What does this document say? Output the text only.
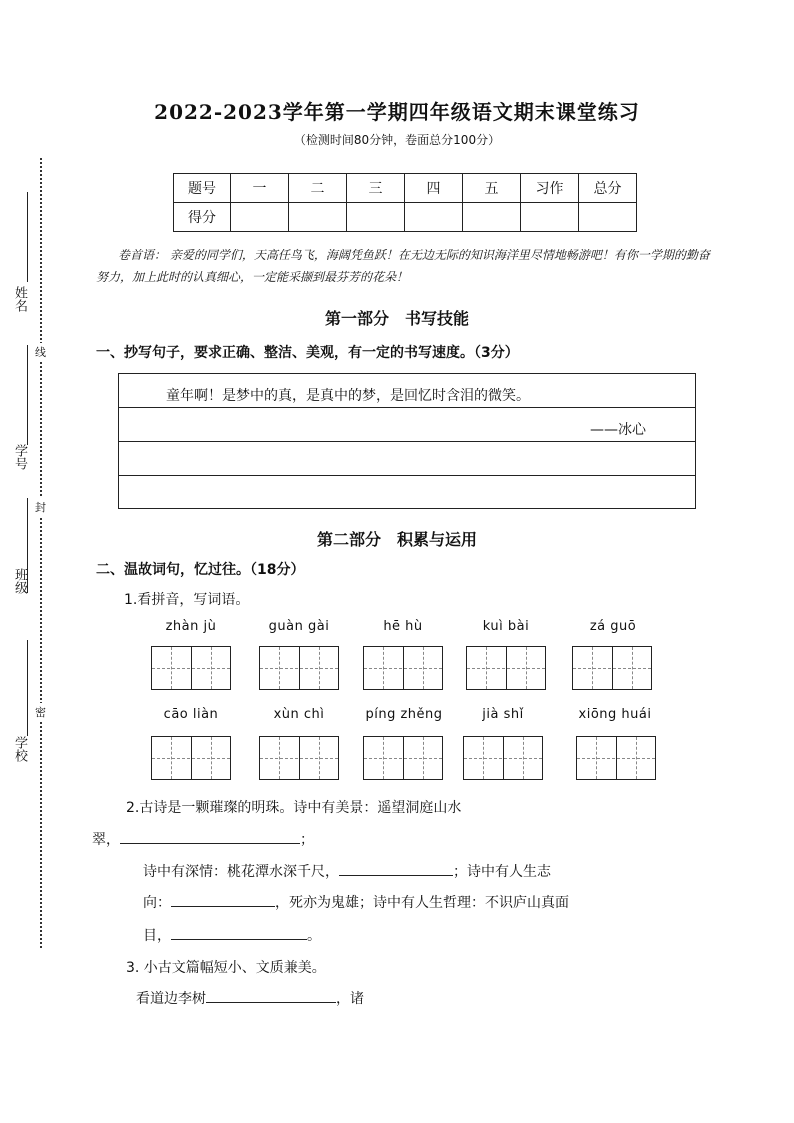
2022-2023学年第一学期四年级语文期末课堂练习
（检测时间80分钟，卷面总分100分）
题号	一	二	三	四	五	习作	总分
得分							
卷首语： 亲爱的同学们，天高任鸟飞，海阔凭鱼跃！在无边无际的知识海洋里尽情地畅游吧！有你一学期的勤奋努力，加上此时的认真细心，一定能采撷到最芬芳的花朵！
第一部分　书写技能
一、抄写句子，要求正确、整洁、美观，有一定的书写速度。（3分）
童年啊！是梦中的真，是真中的梦，是回忆时含泪的微笑。
——冰心
第二部分　积累与运用
二、温故词句，忆过往。（18分）
1.看拼音，写词语。
zhàn jù	guàn gài	hē hù	kuì bài	zá guō
cāo liàn	xùn chì	píng zhěng	jià shǐ	xiōng huái
2.古诗是一颗璀璨的明珠。诗中有美景：遥望洞庭山水
翠，	；
诗中有深情：桃花潭水深千尺，	；诗中有人生志
向：	，死亦为鬼雄；诗中有人生哲理：不识庐山真面
目，	。
3. 小古文篇幅短小、文质兼美。
看道边李树	，诸
姓名
学号
班级
学校
线
封
密
